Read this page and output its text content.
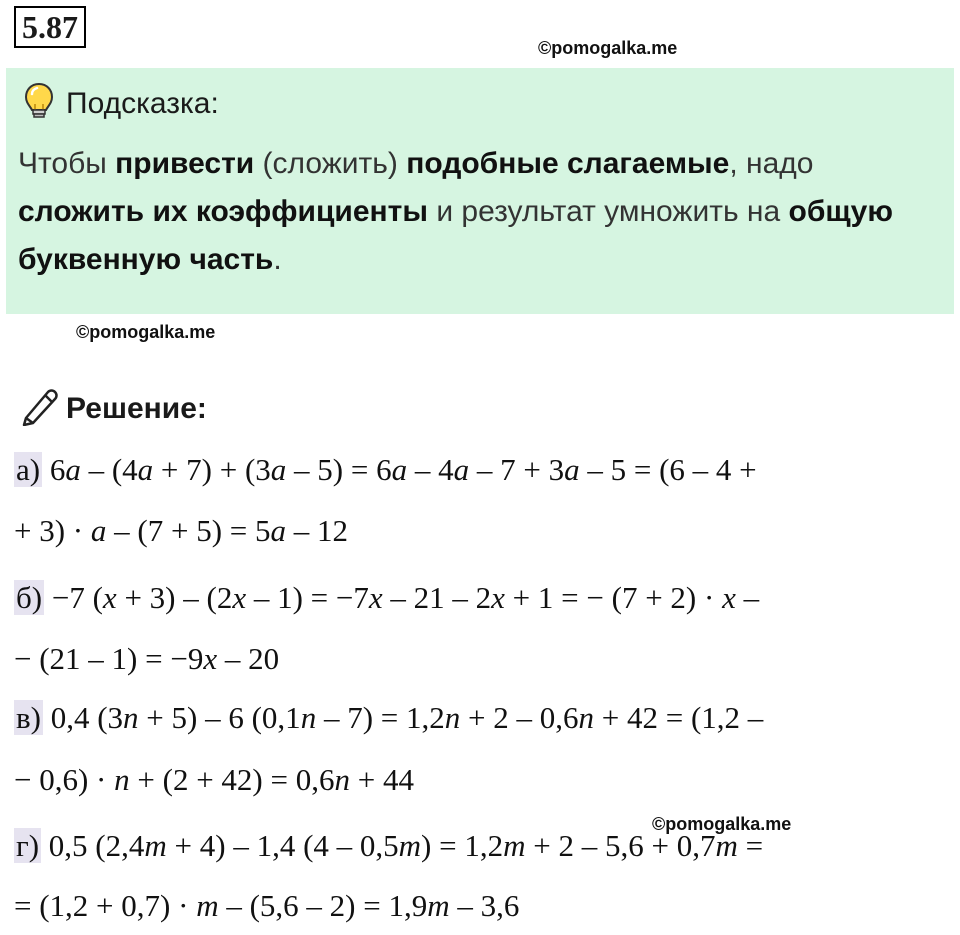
5.87
©pomogalka.me
Подсказка:
Чтобы привести (сложить) подобные слагаемые, надо сложить их коэффициенты и результат умножить на общую буквенную часть.
©pomogalka.me
Решение:
а) 6a – (4a + 7) + (3a – 5) = 6a – 4a – 7 + 3a – 5 = (6 – 4 +
+ 3) · a – (7 + 5) = 5a – 12
б) −7 (x + 3) – (2x – 1) = −7x – 21 – 2x + 1 = − (7 + 2) · x –
− (21 – 1) = −9x – 20
в) 0,4 (3n + 5) – 6 (0,1n – 7) = 1,2n + 2 – 0,6n + 42 = (1,2 –
− 0,6) · n + (2 + 42) = 0,6n + 44
г) 0,5 (2,4m + 4) – 1,4 (4 – 0,5m) = 1,2m + 2 – 5,6 + 0,7m =
= (1,2 + 0,7) · m – (5,6 – 2) = 1,9m – 3,6
©pomogalka.me
